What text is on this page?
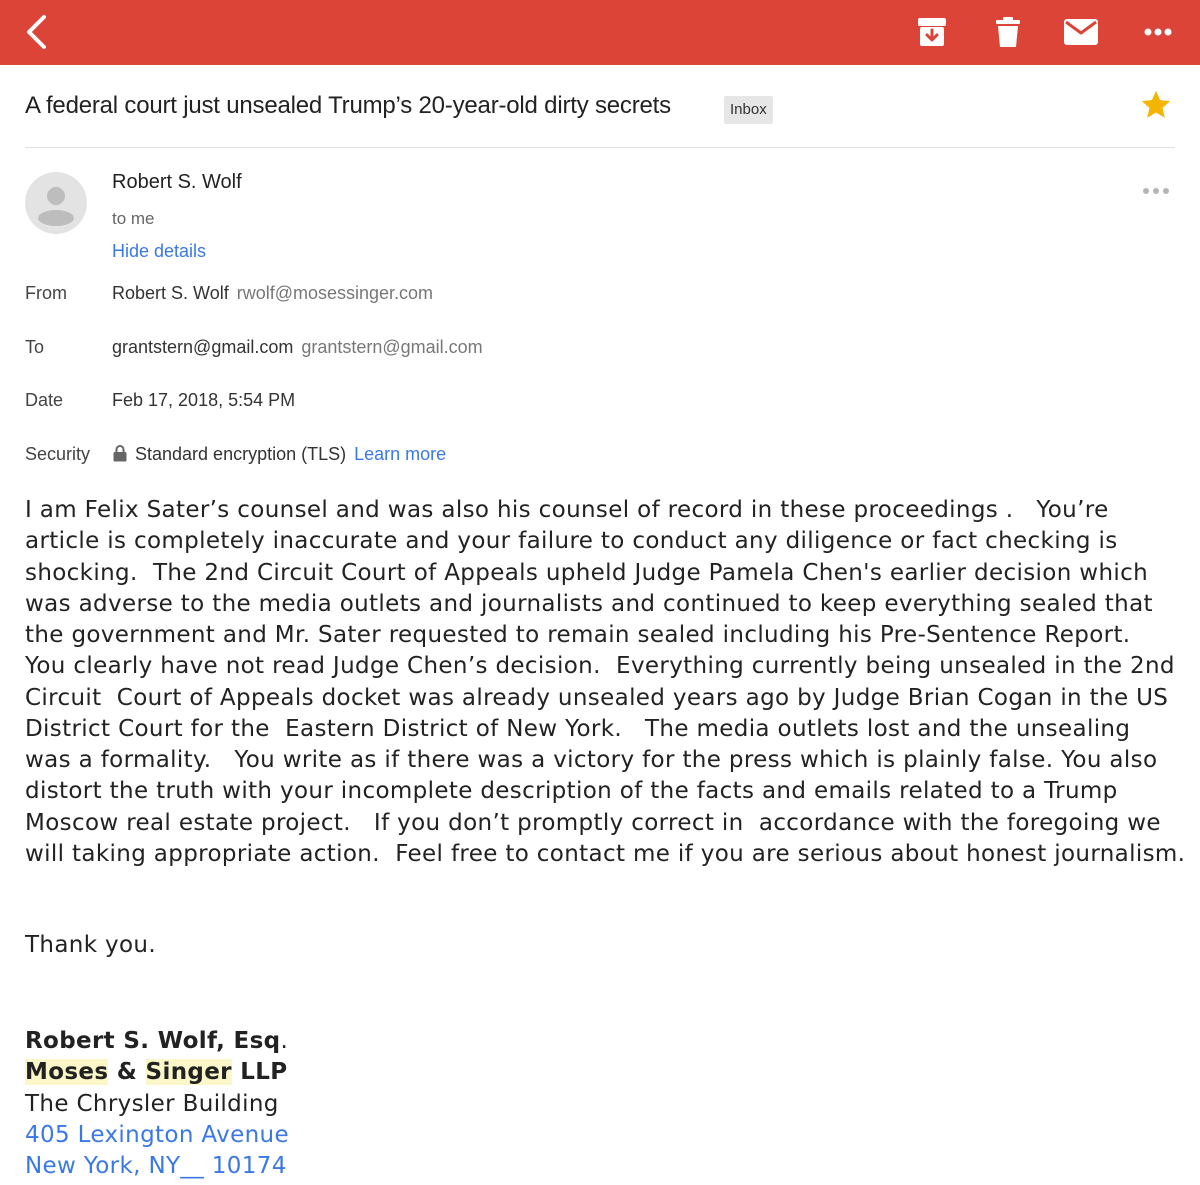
A federal court just unsealed Trump’s 20-year-old dirty secrets	Inbox
Robert S. Wolf
to me
Hide details
From	Robert S. Wolf rwolf@mosessinger.com
To	grantstern@gmail.com grantstern@gmail.com
Date	Feb 17, 2018, 5:54 PM
Security	Standard encryption (TLS) Learn more

I am Felix Sater’s counsel and was also his counsel of record in these proceedings .   You’re

article is completely inaccurate and your failure to conduct any diligence or fact checking is

shocking.  The 2nd Circuit Court of Appeals upheld Judge Pamela Chen's earlier decision which

was adverse to the media outlets and journalists and continued to keep everything sealed that

the government and Mr. Sater requested to remain sealed including his Pre-Sentence Report.

You clearly have not read Judge Chen’s decision.  Everything currently being unsealed in the 2nd

Circuit  Court of Appeals docket was already unsealed years ago by Judge Brian Cogan in the US

District Court for the  Eastern District of New York.   The media outlets lost and the unsealing

was a formality.   You write as if there was a victory for the press which is plainly false. You also

distort the truth with your incomplete description of the facts and emails related to a Trump

Moscow real estate project.   If you don’t promptly correct in  accordance with the foregoing we

will taking appropriate action.  Feel free to contact me if you are serious about honest journalism.

Thank you.
Robert S. Wolf, Esq.
Moses & Singer LLP
The Chrysler Building
405 Lexington Avenue
New York, NY__ 10174
